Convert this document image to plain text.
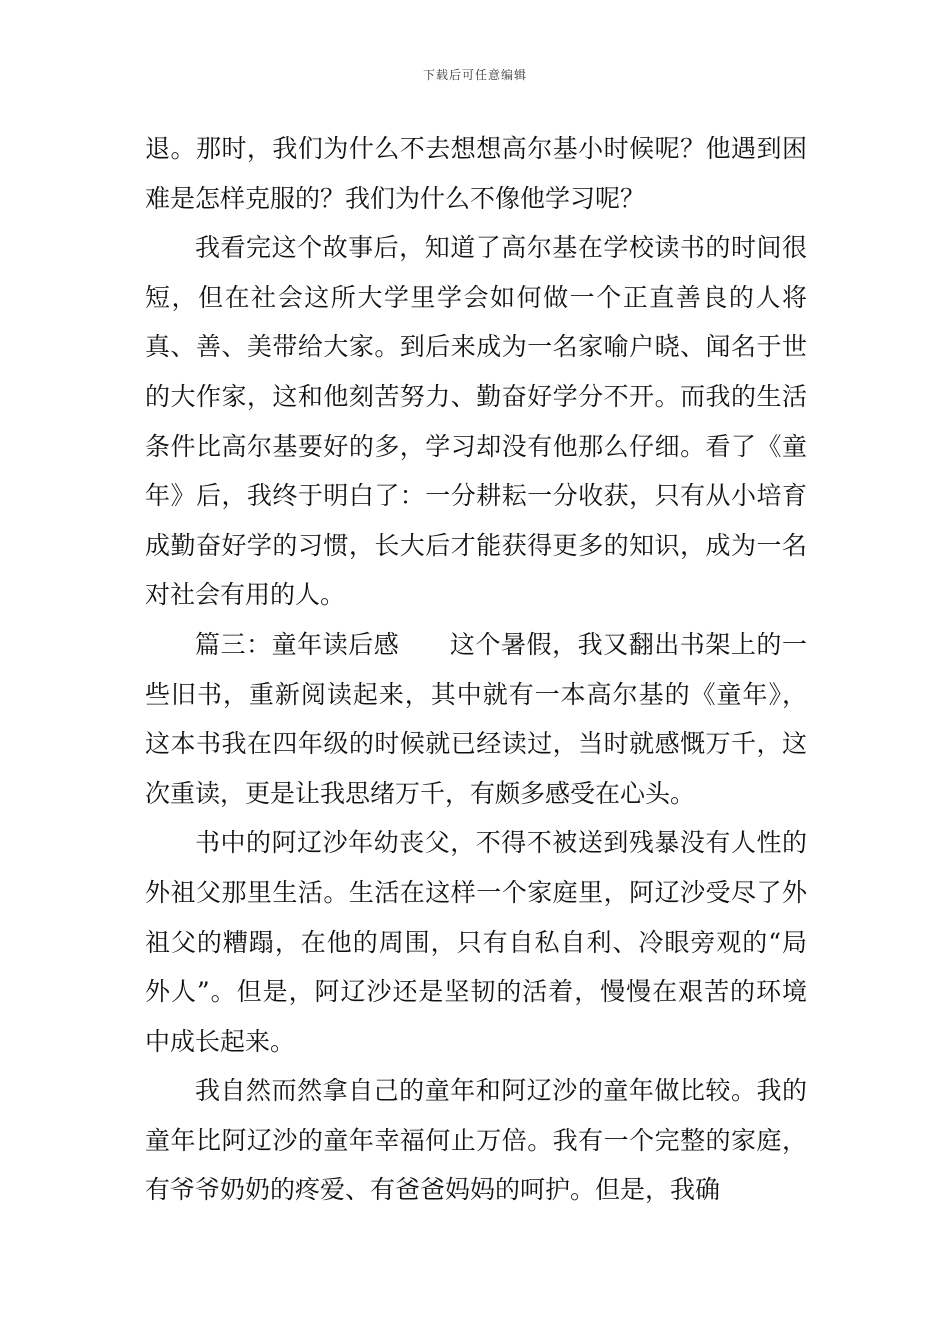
下载后可任意编辑

退。那时，我们为什么不去想想高尔基小时候呢？他遇到困难是怎样克服的？我们为什么不像他学习呢？

我看完这个故事后，知道了高尔基在学校读书的时间很短，但在社会这所大学里学会如何做一个正直善良的人将真、善、美带给大家。到后来成为一名家喻户晓、闻名于世的大作家，这和他刻苦努力、勤奋好学分不开。而我的生活条件比高尔基要好的多，学习却没有他那么仔细。看了《童年》后，我终于明白了：一分耕耘一分收获，只有从小培育成勤奋好学的习惯，长大后才能获得更多的知识，成为一名对社会有用的人。

篇三：童年读后感 这个暑假，我又翻出书架上的一些旧书，重新阅读起来，其中就有一本高尔基的《童年》，这本书我在四年级的时候就已经读过，当时就感慨万千，这次重读，更是让我思绪万千，有颇多感受在心头。

书中的阿辽沙年幼丧父，不得不被送到残暴没有人性的外祖父那里生活。生活在这样一个家庭里，阿辽沙受尽了外祖父的糟蹋，在他的周围，只有自私自利、冷眼旁观的“局外人”。但是，阿辽沙还是坚韧的活着，慢慢在艰苦的环境中成长起来。

我自然而然拿自己的童年和阿辽沙的童年做比较。我的童年比阿辽沙的童年幸福何止万倍。我有一个完整的家庭，有爷爷奶奶的疼爱、有爸爸妈妈的呵护。但是，我确
